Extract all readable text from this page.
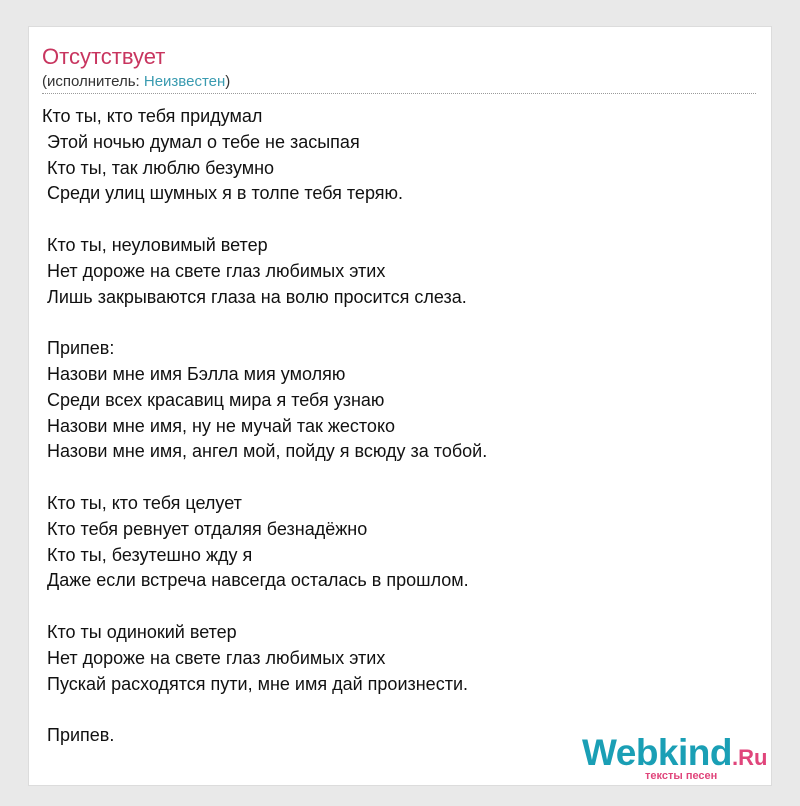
Отсутствует
(исполнитель: Неизвестен)
Кто ты, кто тебя придумал
Этой ночью думал о тебе не засыпая
Кто ты, так люблю безумно
Среди улиц шумных я в толпе тебя теряю.

Кто ты, неуловимый ветер
Нет дороже на свете глаз любимых этих
Лишь закрываются глаза на волю просится слеза.

Припев:
Назови мне имя Бэлла мия умоляю
Среди всех красавиц мира я тебя узнаю
Назови мне имя, ну не мучай так жестоко
Назови мне имя, ангел мой, пойду я всюду за тобой.

Кто ты, кто тебя целует
Кто тебя ревнует отдаляя безнадёжно
Кто ты, безутешно жду я
Даже если встреча навсегда осталась в прошлом.

Кто ты одинокий ветер
Нет дороже на свете глаз любимых этих
Пускай расходятся пути, мне имя дай произнести.

Припев.	Webkind.Ru
тексты песен
